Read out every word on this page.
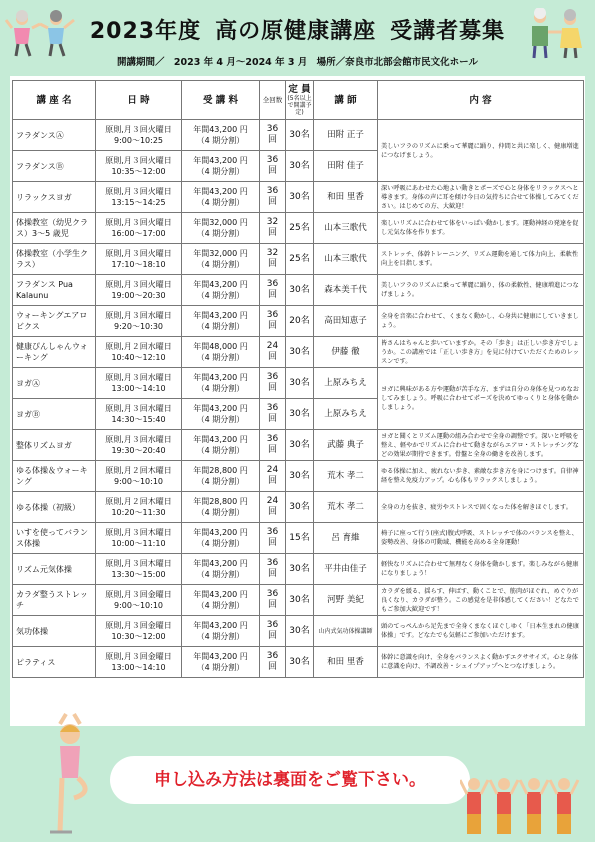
2023年度 高の原健康講座 受講者募集
開講期間／ 2023 年 4 月～2024 年 3 月 場所／奈良市北部会館市民文化ホール
講 座 名	日 時	受 講 料	全回数	定 員
(5名以上で開講予定)	講 師	内 容
フラダンスⒶ	原則,月３回火曜日
9:00～10:25	年間43,200 円
（4 期分割）	36回	30名	田附 正子	美しいフラのリズムに乗って華麗に踊り、仲間と共に楽しく、健康増進につなげましょう。
フラダンスⒷ	原則,月３回火曜日
10:35～12:00	年間43,200 円
（4 期分割）	36回	30名	田附 佳子	
リラックスヨガ	原則,月３回火曜日
13:15～14:25	年間43,200 円
（4 期分割）	36回	30名	和田 里香	深い呼吸にあわせた心地よい動きとポーズで心と身体をリラックスへと導きます。身体の声に耳を傾け今日の気持ちに合せて体操してみてください。はじめての方、大歓迎！
体操教室（幼児クラス）3～5 歳児	原則,月３回火曜日
16:00～17:00	年間32,000 円
（4 期分割）	32回	25名	山本三歌代	楽しいリズムに合わせて体をいっぱい動かします。運動神経の発達を促し元気な体を作ります。
体操教室（小学生クラス）	原則,月３回火曜日
17:10～18:10	年間32,000 円
（4 期分割）	32回	25名	山本三歌代	ストレッチ、体幹トレーニング、リズム運動を通して体力向上、柔軟性向上を目指します。
フラダンス Pua Kalaunu	原則,月３回火曜日
19:00～20:30	年間43,200 円
（4 期分割）	36回	30名	森本美千代	美しいフラのリズムに乗って華麗に踊り、体の柔軟性、健康増進につなげましょう。
ウォーキングエアロビクス	原則,月３回水曜日
9:20～10:30	年間43,200 円
（4 期分割）	36回	20名	高田知恵子	全身を音楽に合わせて、くまなく動かし、心身共に健康にしていきましょう。
健康ぴんしゃんウォーキング	原則,月２回水曜日
10:40～12:10	年間48,000 円
（4 期分割）	24回	30名	伊藤 徹	皆さんはちゃんと歩いていますか。その「歩き」は正しい歩き方でしょうか。この講座では「正しい歩き方」を見に付けていただくためのレッスンです。
ヨガⒶ	原則,月３回水曜日
13:00～14:10	年間43,200 円
（4 期分割）	36回	30名	上原みちえ	ヨガに興味がある方や運動が苦手な方、まずは自分の身体を見つめなおしてみましょう。呼吸に合わせてポーズを決めてゆっくりと身体を動かしましょう。
ヨガⒷ	原則,月３回水曜日
14:30～15:40	年間43,200 円
（4 期分割）	36回	30名	上原みちえ	
整体リズムヨガ	原則,月３回水曜日
19:30～20:40	年間43,200 円
（4 期分割）	36回	30名	武藤 典子	ヨガと聞くとリズム運動の組み合わせで全身の調整です。深いと呼吸を整え、軽やかでリズムに合わせて動きながらエアロ・ストレッチングなどの効果が期待できます。骨盤と全身の働きを改善します。
ゆる体操＆ウォーキング	原則,月２回木曜日
9:00～10:10	年間28,800 円
（4 期分割）	24回	30名	荒木 孝二	ゆる体操に加え、疲れない歩き、素敵な歩き方を身につけます。自律神経を整え免疫力アップ。心も体もリラックスしましょう。
ゆる体操（初級）	原則,月２回木曜日
10:20～11:30	年間28,800 円
（4 期分割）	24回	30名	荒木 孝二	全身の力を抜き、疲労やストレスで固くなった体を解きほぐします。
いすを使ってバランス体操	原則,月３回木曜日
10:00～11:10	年間43,200 円
（4 期分割）	36回	15名	呂 育維	椅子に座って行う(座式)腹式呼吸、ストレッチで体のバランスを整え、姿勢改善、身体の可動域、機能を高める全身運動！
リズム元気体操	原則,月３回木曜日
13:30～15:00	年間43,200 円
（4 期分割）	36回	30名	平井由佳子	軽快なリズムに合わせて無理なく身体を動かします。楽しみながら健康になりましょう！
カラダ整うストレッチ	原則,月３回金曜日
9:00～10:10	年間43,200 円
（4 期分割）	36回	30名	河野 美紀	カラダを緩る、揺らす、伸ばす、動くことで、筋肉がほぐれ、めぐりが良くなり、カラダが整う。この感覚を是非体感してください！どなたでもご参加大歓迎です！
気功体操	原則,月３回金曜日
10:30～12:00	年間43,200 円
（4 期分割）	36回	30名	山内式気功体操講師	頭のてっぺんから足先まで全身くまなくほぐしゆく「日本生まれの健康体操」です。どなたでも気軽にご参加いただけます。
ピラティス	原則,月３回金曜日
13:00～14:10	年間43,200 円
（4 期分割）	36回	30名	和田 里香	体幹に意識を向け、全身をバランスよく動かすエクササイズ。心と身体に意識を向け、不調改善・シェイプアップへとつなげましょう。
申し込み方法は裏面をご覧下さい。
